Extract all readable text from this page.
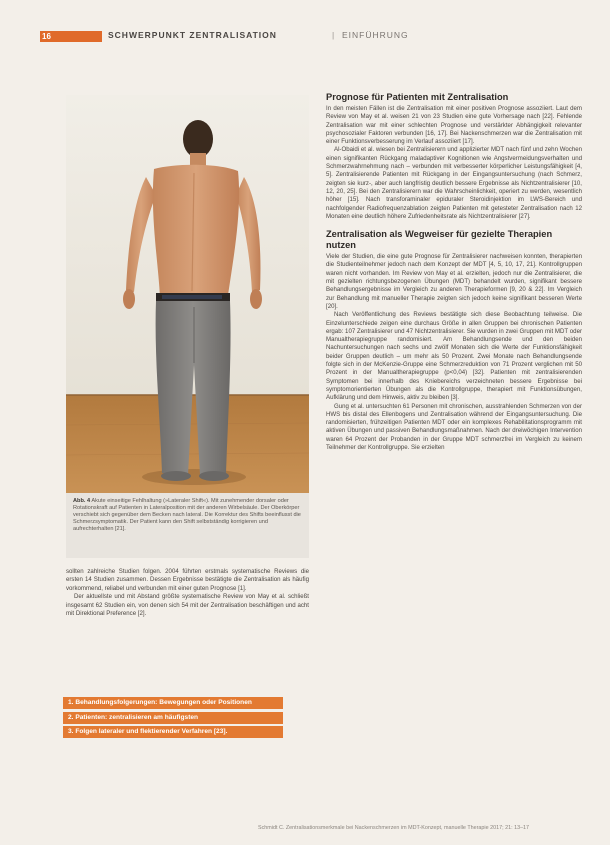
16	SCHWERPUNKT ZENTRALISATION	| EINFÜHRUNG
Abb. 4 Akute einseitige Fehlhaltung (»Lateraler Shift«). Mit zunehmender dorsaler oder Rotationskraft auf Patienten in Lateralposition mit der anderen Wirbelsäule. Der Oberkörper verschiebt sich gegenüber dem Becken nach lateral. Die Korrektur des Shifts beeinflusst die Schmerzsymptomatik. Der Patient kann den Shift selbstständig korrigieren und aufrechterhalten [21].

sollten zahlreiche Studien folgen. 2004 führten erstmals systematische Reviews die ersten 14 Studien zusammen. Dessen Ergebnisse bestätigte die Zentralisation als häufig vorkommend, reliabel und verbunden mit einer guten Prognose [1].

Der aktuellste und mit Abstand größte systematische Review von May et al. schließt insgesamt 62 Studien ein, von denen sich 54 mit der Zentralisation beschäftigen und acht mit Direktional Preference [2].

1. Behandlungsfolgerungen: Bewegungen oder Positionen
2. Patienten: zentralisieren am häufigsten
3. Folgen lateraler und flektierender Verfahren [23].
Prognose für Patienten mit Zentralisation

In den meisten Fällen ist die Zentralisation mit einer positiven Prognose assoziiert. Laut dem Review von May et al. weisen 21 von 23 Studien eine gute Vorhersage nach [22]. Fehlende Zentralisation war mit einer schlechten Prognose und verstärkter Abhängigkeit relevanter psychosozialer Faktoren verbunden [16, 17]. Bei Nackenschmerzen war die Zentralisation mit einer Funktionsverbesserung im Verlauf assoziiert [17].

Al-Obaidi et al. wiesen bei Zentralisierern und applizierter MDT nach fünf und zehn Wochen einen signifikanten Rückgang maladaptiver Kognitionen wie Angstvermeidungsverhalten und Schmerzwahrnehmung nach – verbunden mit verbesserter körperlicher Leistungsfähigkeit [4, 5]. Zentralisierende Patienten mit Rückgang in der Eingangsuntersuchung (nach Schmerz, zeigten sie kurz-, aber auch langfristig deutlich bessere Ergebnisse als Nichtzentralisierer [10, 12, 20, 25]. Bei den Zentralisierern war die Wahrscheinlichkeit, operiert zu werden, wesentlich höher [15]. Nach transforaminaler epiduraler Steroidinjektion im LWS-Bereich und nachfolgender Radiofrequenzablation zeigten Patienten mit getesteter Zentralisation nach 12 Monaten eine deutlich höhere Zufriedenheitsrate als Nichtzentralisierer [27].

Zentralisation als Wegweiser für gezielte Therapien nutzen

Viele der Studien, die eine gute Prognose für Zentralisierer nachweisen konnten, therapierten die Studienteilnehmer jedoch nach dem Konzept der MDT [4, 5, 10, 17, 21]. Kontrollgruppen waren nicht vorhanden. Im Review von May et al. erzielten, jedoch nur die Zentralisierer, die mit gezielten richtungsbezogenen Übungen (MDT) behandelt wurden, signifikant bessere Behandlungsergebnisse im Vergleich zu anderen Therapieformen [9, 20 & 22]. Im Vergleich zur Behandlung mit manueller Therapie zeigten sich jedoch keine signifikant besseren Werte [20].

Nach Veröffentlichung des Reviews bestätigte sich diese Beobachtung teilweise. Die Einzelunterschiede zeigen eine durchaus Größe in allen Gruppen bei chronischen Patienten ergab: 107 Zentralisierer und 47 Nichtzentralisierer. Sie wurden in zwei Gruppen mit MDT oder Manualtherapiegruppe randomisiert. Am Behandlungsende und den beiden Nachuntersuchungen nach sechs und zwölf Monaten sich die Werte der Funktionsfähigkeit beider Gruppen deutlich – um mehr als 50 Prozent. Zwei Monate nach Behandlungsende folgte sich in der McKenzie-Gruppe eine Schmerzreduktion von 71 Prozent verglichen mit 50 Prozent in der Manualtherapiegruppe (p<0,04) [32]. Patienten mit zentralisierenden Symptomen bei innerhalb des Kniebereichs verzeichneten bessere Ergebnisse bei symptomorientierten Übungen als die Kontrollgruppe, therapiert mit Funktionsübungen, Aufklärung und dem Hinweis, aktiv zu bleiben [3].

Gung et al. untersuchten 61 Personen mit chronischen, ausstrahlenden Schmerzen von der HWS bis distal des Ellenbogens und Zentralisation während der Eingangsuntersuchung. Die randomisierten, frühzeitigen Patienten MDT oder ein komplexes Rehabilitationsprogramm mit aktiven Übungen und passiven Behandlungsmaßnahmen. Nach der dreiwöchigen Intervention waren 64 Prozent der Probanden in der Gruppe MDT schmerzfrei im Vergleich zu keinem Teilnehmer der Kontrollgruppe. Sie erzielten

Schmidt C. Zentralisationsmerkmale bei Nackenschmerzen im MDT-Konzept, manuelle Therapie 2017; 21: 13–17
